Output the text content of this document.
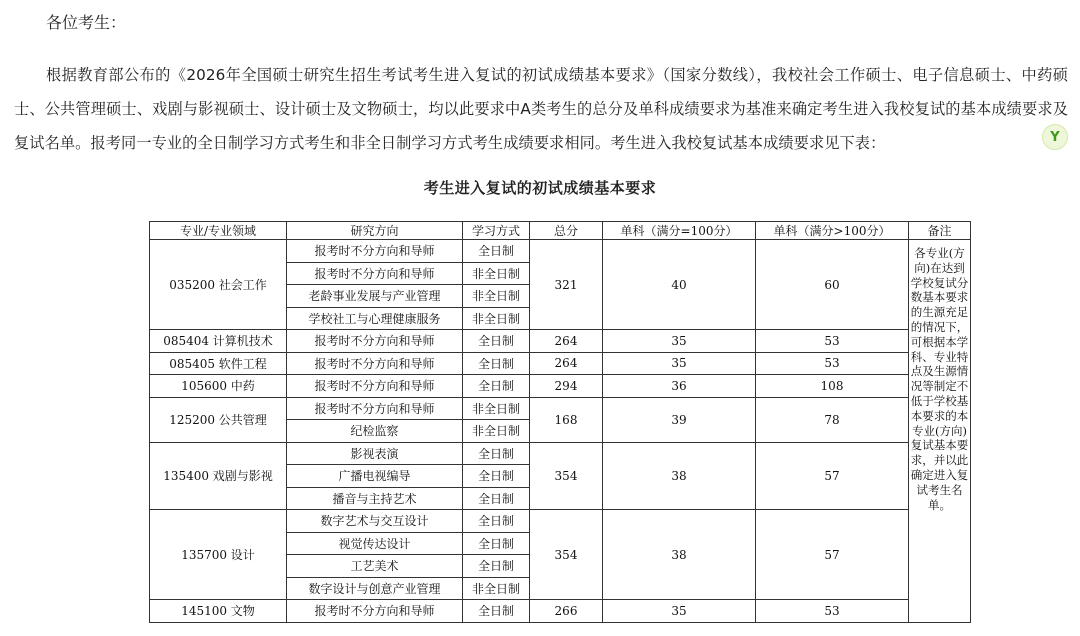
各位考生：
根据教育部公布的《2026年全国硕士研究生招生考试考生进入复试的初试成绩基本要求》（国家分数线），我校社会工作硕士、电子信息硕士、中药硕士、公共管理硕士、戏剧与影视硕士、设计硕士及文物硕士，均以此要求中A类考生的总分及单科成绩要求为基准来确定考生进入我校复试的基本成绩要求及复试名单。报考同一专业的全日制学习方式考生和非全日制学习方式考生成绩要求相同。考生进入我校复试基本成绩要求见下表：	Y
考生进入复试的初试成绩基本要求
专业/专业领域	研究方向	学习方式	总分	单科（满分=100分）	单科（满分>100分）	备注
035200 社会工作	报考时不分方向和导师	全日制	321	40	60	各专业(方向)在达到学校复试分数基本要求的生源充足的情况下，可根据本学科、专业特点及生源情况等制定不低于学校基本要求的本专业(方向)复试基本要求，并以此确定进入复试考生名单。
	报考时不分方向和导师	非全日制				
	老龄事业发展与产业管理	非全日制				
	学校社工与心理健康服务	非全日制				
085404 计算机技术	报考时不分方向和导师	全日制	264	35	53	
085405 软件工程	报考时不分方向和导师	全日制	264	35	53	
105600 中药	报考时不分方向和导师	全日制	294	36	108	
125200 公共管理	报考时不分方向和导师	非全日制	168	39	78	
	纪检监察	非全日制				
135400 戏剧与影视	影视表演	全日制	354	38	57	
	广播电视编导	全日制				
	播音与主持艺术	全日制				
135700 设计	数字艺术与交互设计	全日制	354	38	57	
	视觉传达设计	全日制				
	工艺美术	全日制				
	数字设计与创意产业管理	非全日制				
145100 文物	报考时不分方向和导师	全日制	266	35	53	
